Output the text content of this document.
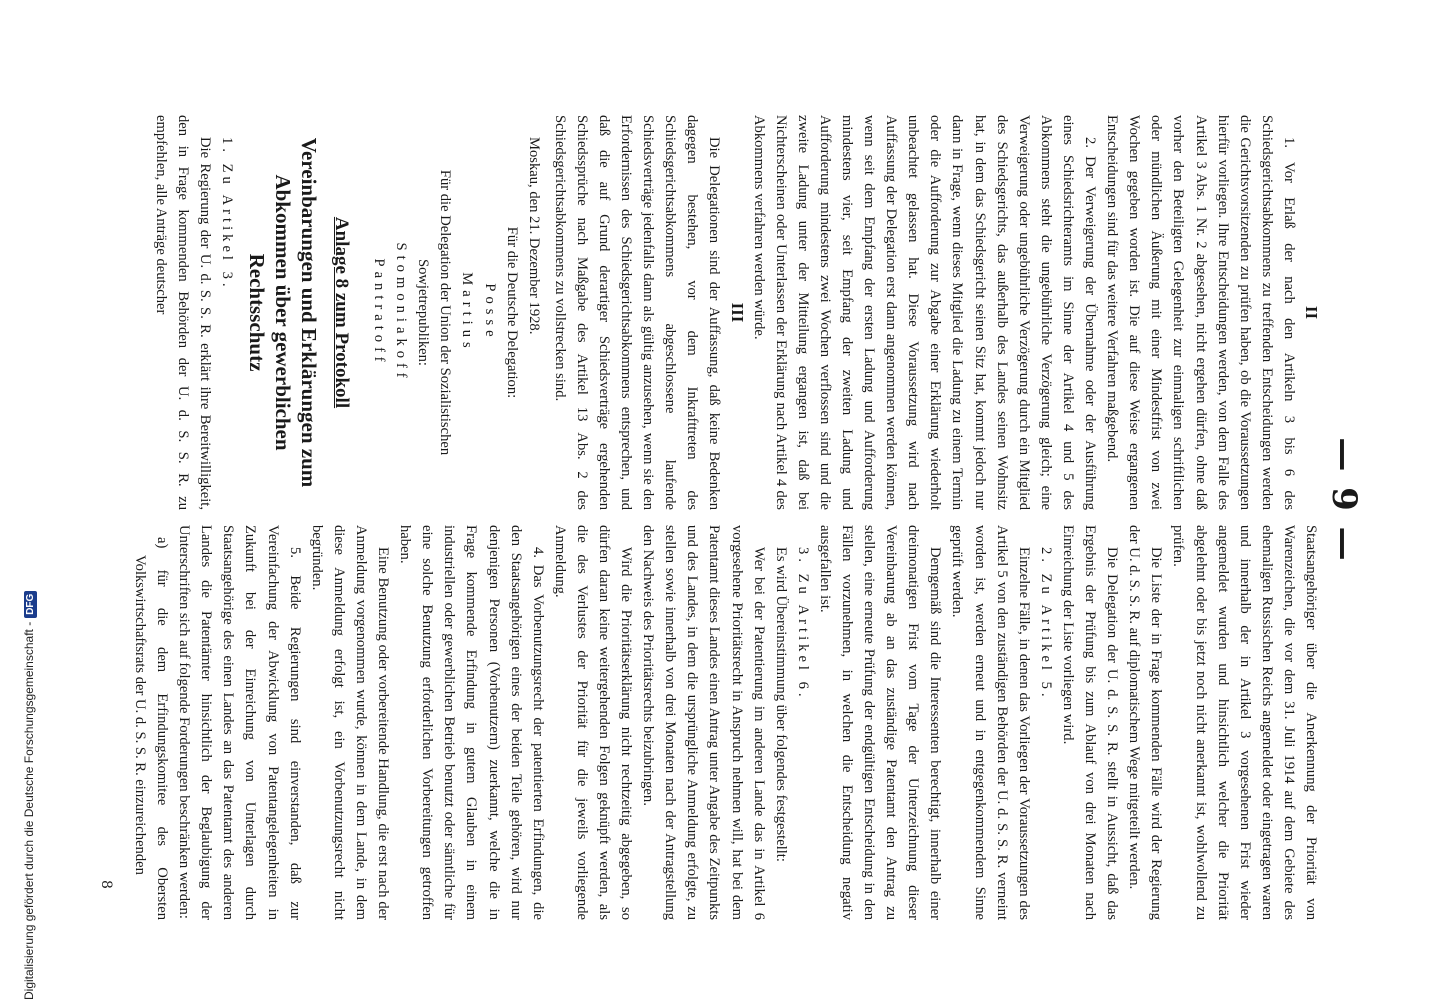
— 9 —

II

1. Vor Erlaß der nach den Artikeln 3 bis 6 des Schiedsgerichtsabkommens zu treffenden Entscheidungen werden die Gerichtsvorsitzenden zu prüfen haben, ob die Voraussetzungen hierfür vorliegen. Ihre Entscheidungen werden, von dem Falle des Artikel 3 Abs. 1 Nr. 2 abgesehen, nicht ergehen dürfen, ohne daß vorher den Beteiligten Gelegenheit zur einmaligen schriftlichen oder mündlichen Äußerung mit einer Mindestfrist von zwei Wochen gegeben worden ist. Die auf diese Weise ergangenen Entscheidungen sind für das weitere Verfahren maßgebend.

2. Der Verweigerung der Übernahme oder der Ausführung eines Schiedsrichteramts im Sinne der Artikel 4 und 5 des Abkommens steht die ungebührliche Verzögerung gleich; eine Verweigerung oder ungebührliche Verzögerung durch ein Mitglied des Schiedsgerichts, das außerhalb des Landes seinen Wohnsitz hat, in dem das Schiedsgericht seinen Sitz hat, kommt jedoch nur dann in Frage, wenn dieses Mitglied die Ladung zu einem Termin oder die Aufforderung zur Abgabe einer Erklärung wiederholt unbeachtet gelassen hat. Diese Voraussetzung wird nach Auffassung der Delegation erst dann angenommen werden können, wenn seit dem Empfang der ersten Ladung und Aufforderung mindestens vier, seit Empfang der zweiten Ladung und Aufforderung mindestens zwei Wochen verflossen sind und die zweite Ladung unter der Mitteilung ergangen ist, daß bei Nichterscheinen oder Unterlassen der Erklärung nach Artikel 4 des Abkommens verfahren werden würde.

III

Die Delegationen sind der Auffassung, daß keine Bedenken dagegen bestehen, vor dem Inkrafttreten des Schiedsgerichtsabkommens abgeschlossene laufende Schiedsverträge jedenfalls dann als gültig anzusehen, wenn sie den Erfordernissen des Schiedsgerichtsabkommens entsprechen, und daß die auf Grund derartiger Schiedsverträge ergehenden Schiedssprüche nach Maßgabe des Artikel 13 Abs. 2 des Schiedsgerichtsabkommens zu vollstrecken sind.

Moskau, den 21. Dezember 1928.

Für die Deutsche Delegation:

Posse

Martius

Für die Delegation der Union der Sozialistischen Sowjetrepubliken:

Stomoniakoff

Pantratoff

Anlage 8 zum Protokoll

Vereinbarungen und Erklärungen zum Abkommen über gewerblichen Rechtsschutz

1. Zu Artikel 3.

Die Regierung der U. d. S. S. R. erklärt ihre Bereitwilligkeit, den in Frage kommenden Behörden der U. d. S. S. R. zu empfehlen, alle Anträge deutscher

Staatsangehöriger über die Anerkennung der Priorität von Warenzeichen, die vor dem 31. Juli 1914 auf dem Gebiete des ehemaligen Russischen Reichs angemeldet oder eingetragen waren und innerhalb der in Artikel 3 vorgesehenen Frist wieder angemeldet wurden und hinsichtlich welcher die Priorität abgelehnt oder bis jetzt noch nicht anerkannt ist, wohlwollend zu prüfen.

Die Liste der in Frage kommenden Fälle wird der Regierung der U. d. S. S. R. auf diplomatischem Wege mitgeteilt werden.

Die Delegation der U. d. S. S. R. stellt in Aussicht, daß das Ergebnis der Prüfung bis zum Ablauf von drei Monaten nach Einreichung der Liste vorliegen wird.

2. Zu Artikel 5.

Einzelne Fälle, in denen das Vorliegen der Voraussetzungen des Artikel 5 von den zuständigen Behörden der U. d. S. S. R. verneint worden ist, werden erneut und in entgegenkommendem Sinne geprüft werden.

Demgemäß sind die Interessenten berechtigt, innerhalb einer dreimonatigen Frist vom Tage der Unterzeichnung dieser Vereinbarung ab an das zuständige Patentamt den Antrag zu stellen, eine erneute Prüfung der endgültigen Entscheidung in den Fällen vorzunehmen, in welchen die Entscheidung negativ ausgefallen ist.

3. Zu Artikel 6.

Es wird Übereinstimmung über folgendes festgestellt:

Wer bei der Patentierung im anderen Lande das in Artikel 6 vorgesehene Prioritätsrecht in Anspruch nehmen will, hat bei dem Patentamt dieses Landes einen Antrag unter Angabe des Zeitpunkts und des Landes, in dem die ursprüngliche Anmeldung erfolgte, zu stellen sowie innerhalb von drei Monaten nach der Antragstellung den Nachweis des Prioritätsrechts beizubringen.

Wird die Prioritätserklärung nicht rechtzeitig abgegeben, so dürfen daran keine weitergehenden Folgen geknüpft werden, als die des Verlustes der Priorität für die jeweils vorliegende Anmeldung.

4. Das Vorbenutzungsrecht der patentierten Erfindungen, die den Staatsangehörigen eines der beiden Teile gehören, wird nur denjenigen Personen (Vorbenutzern) zuerkannt, welche die in Frage kommende Erfindung in gutem Glauben in einem industriellen oder gewerblichen Betrieb benutzt oder sämtliche für eine solche Benutzung erforderlichen Vorbereitungen getroffen haben.

Eine Benutzung oder vorbereitende Handlung, die erst nach der Anmeldung vorgenommen wurde, können in dem Lande, in dem diese Anmeldung erfolgt ist, ein Vorbenutzungsrecht nicht begründen.

5. Beide Regierungen sind einverstanden, daß zur Vereinfachung der Abwicklung von Patentangelegenheiten in Zukunft bei der Einreichung von Unterlagen durch Staatsangehörige des einen Landes an das Patentamt des anderen Landes die Patentämter hinsichtlich der Beglaubigung der Unterschriften sich auf folgende Forderungen beschränken werden:

a) für die dem Erfindungskomitee des Obersten Volkswirtschaftsrats der U. d. S. S. R. einzureichenden

8
Digitalisierung gefördert durch die Deutsche Forschungsgemeinschaft -DFG
